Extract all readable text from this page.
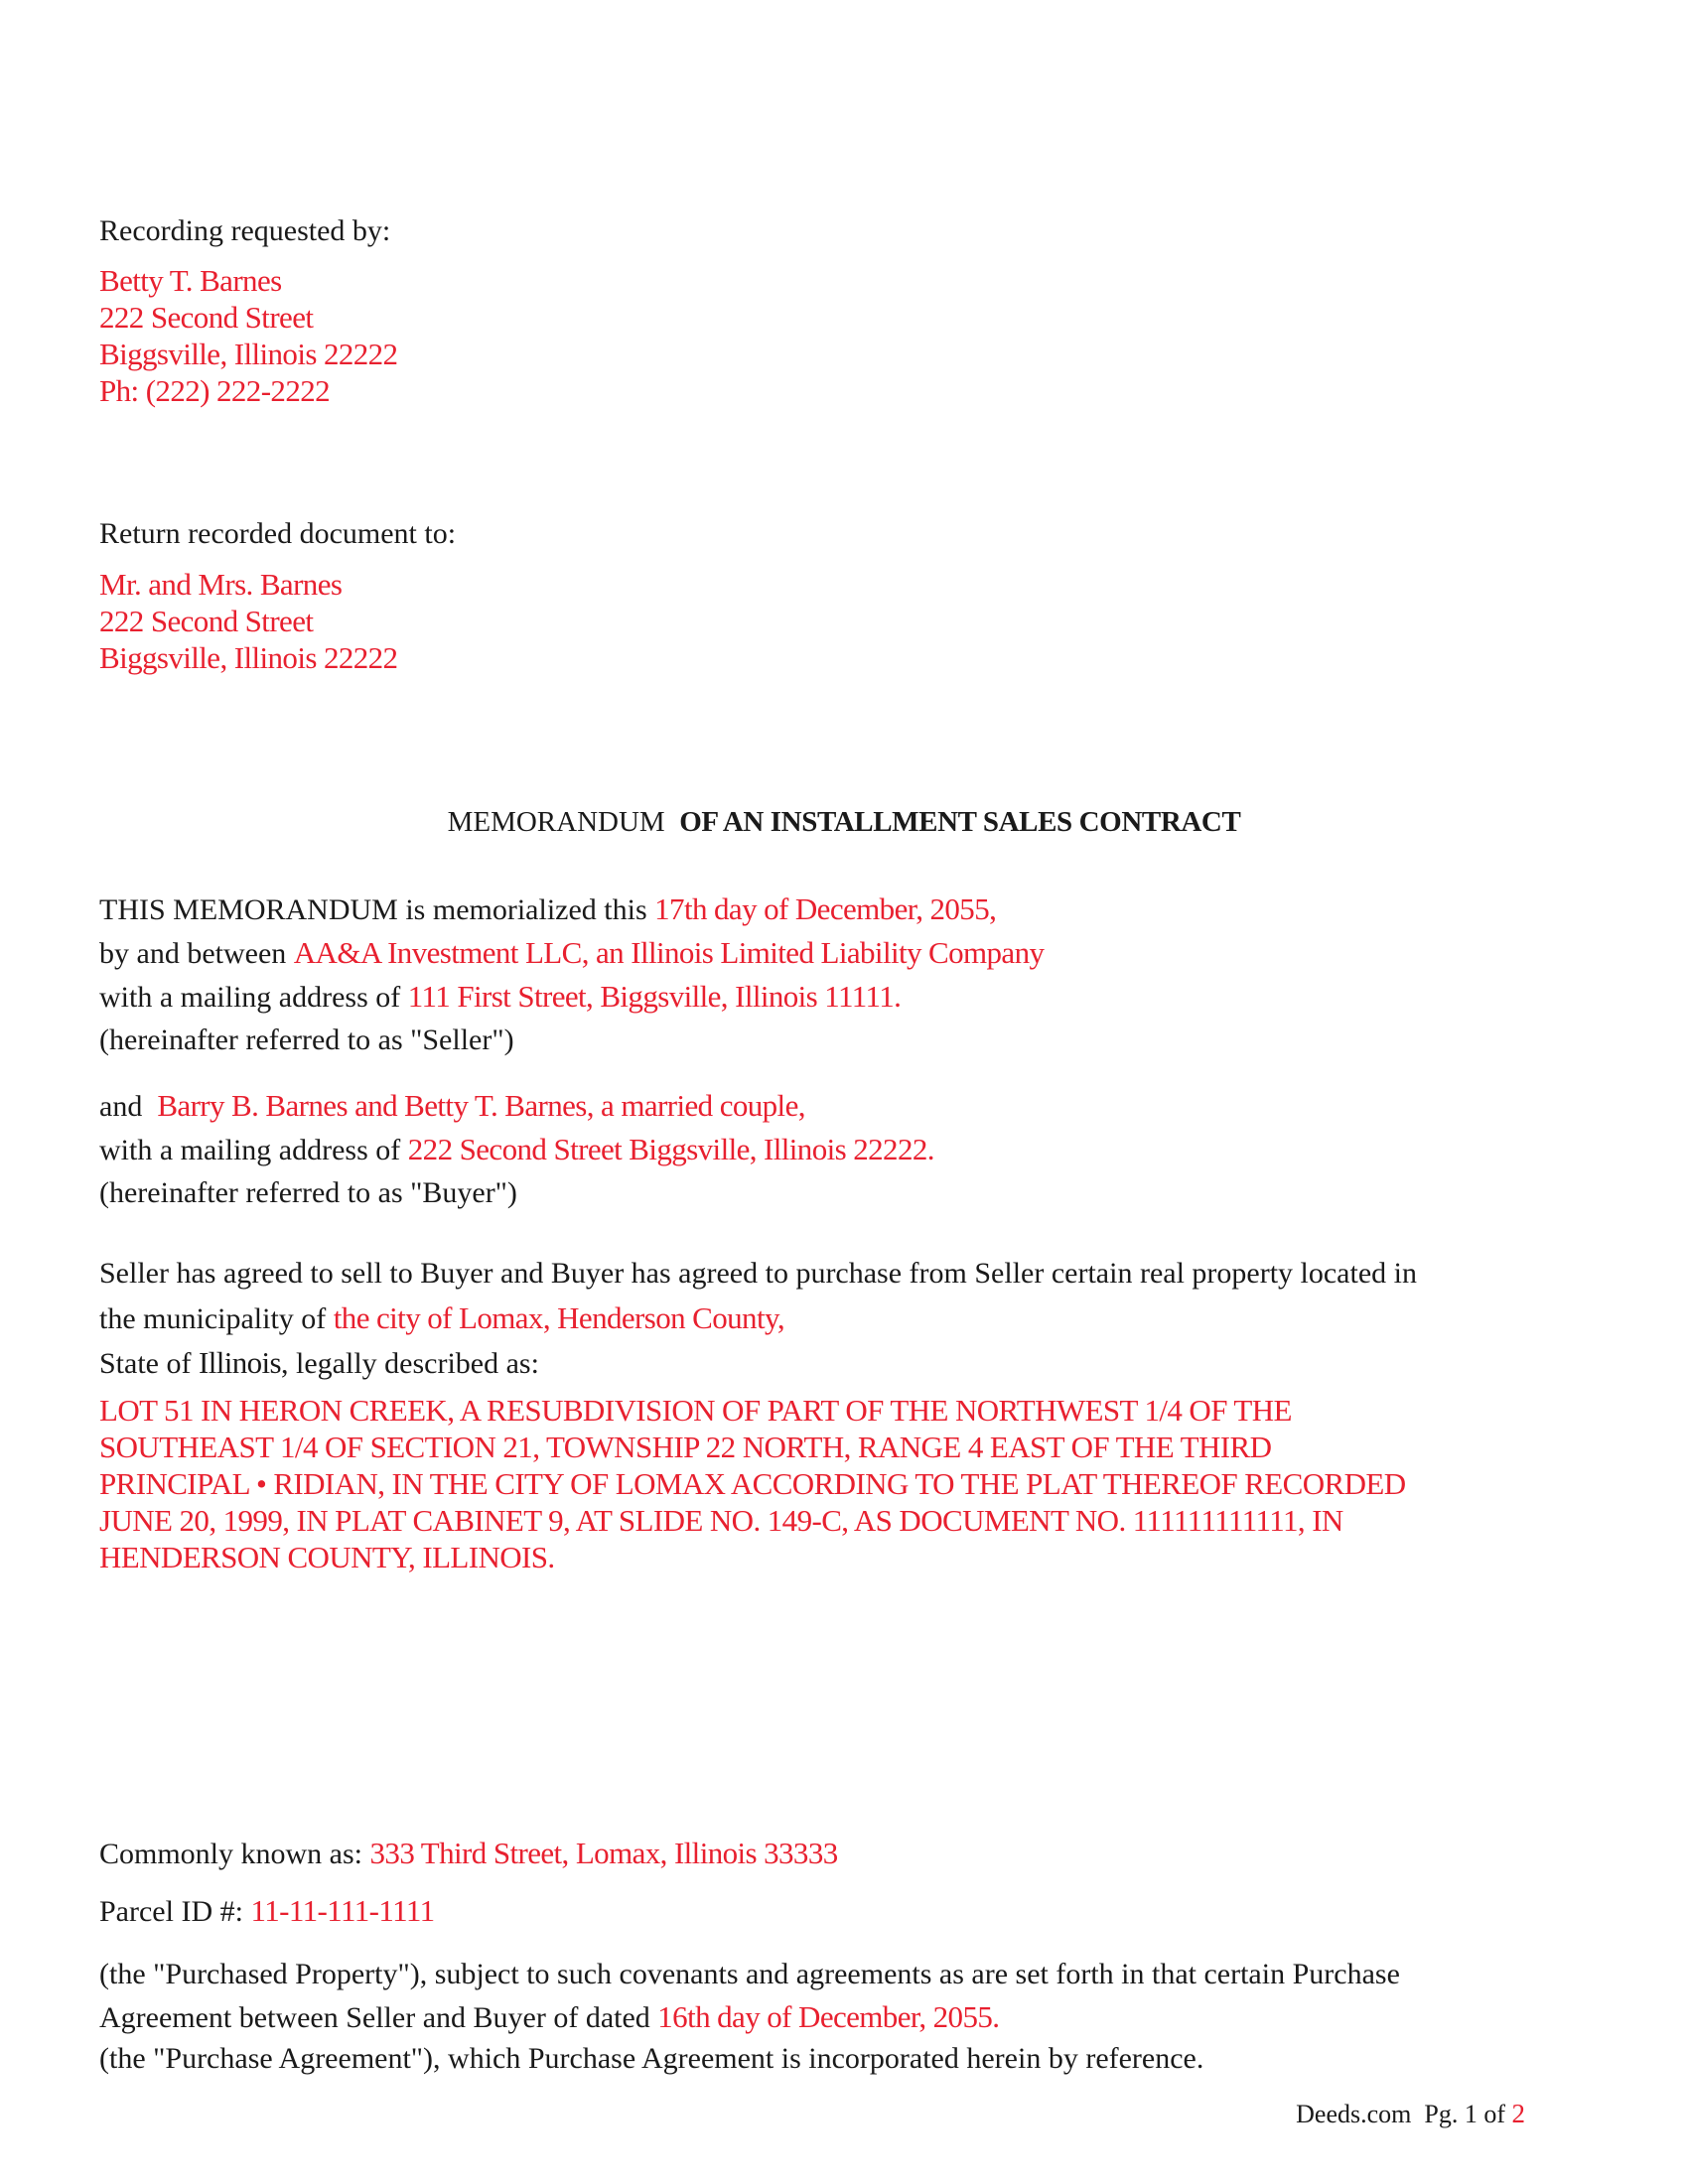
Recording requested by:
Betty T. Barnes
222 Second Street
Biggsville, Illinois 22222
Ph: (222) 222-2222
Return recorded document to:
Mr. and Mrs. Barnes
222 Second Street
Biggsville, Illinois 22222
MEMORANDUM OF AN INSTALLMENT SALES CONTRACT
THIS MEMORANDUM is memorialized this 17th day of December, 2055,
by and between AA&A Investment LLC, an Illinois Limited Liability Company
with a mailing address of 111 First Street, Biggsville, Illinois 11111.
(hereinafter referred to as "Seller")
and Barry B. Barnes and Betty T. Barnes, a married couple,
with a mailing address of 222 Second Street Biggsville, Illinois 22222.
(hereinafter referred to as "Buyer")
Seller has agreed to sell to Buyer and Buyer has agreed to purchase from Seller certain real property located in
the municipality of the city of Lomax, Henderson County,
State of Illinois, legally described as:
LOT 51 IN HERON CREEK, A RESUBDIVISION OF PART OF THE NORTHWEST 1/4 OF THE
SOUTHEAST 1/4 OF SECTION 21, TOWNSHIP 22 NORTH, RANGE 4 EAST OF THE THIRD
PRINCIPAL • RIDIAN, IN THE CITY OF LOMAX ACCORDING TO THE PLAT THEREOF RECORDED
JUNE 20, 1999, IN PLAT CABINET 9, AT SLIDE NO. 149-C, AS DOCUMENT NO. 111111111111, IN
HENDERSON COUNTY, ILLINOIS.
Commonly known as: 333 Third Street, Lomax, Illinois 33333
Parcel ID #: 11-11-111-1111
(the "Purchased Property"), subject to such covenants and agreements as are set forth in that certain Purchase
Agreement between Seller and Buyer of dated 16th day of December, 2055.
(the "Purchase Agreement"), which Purchase Agreement is incorporated herein by reference.
Deeds.com Pg. 1 of 2
